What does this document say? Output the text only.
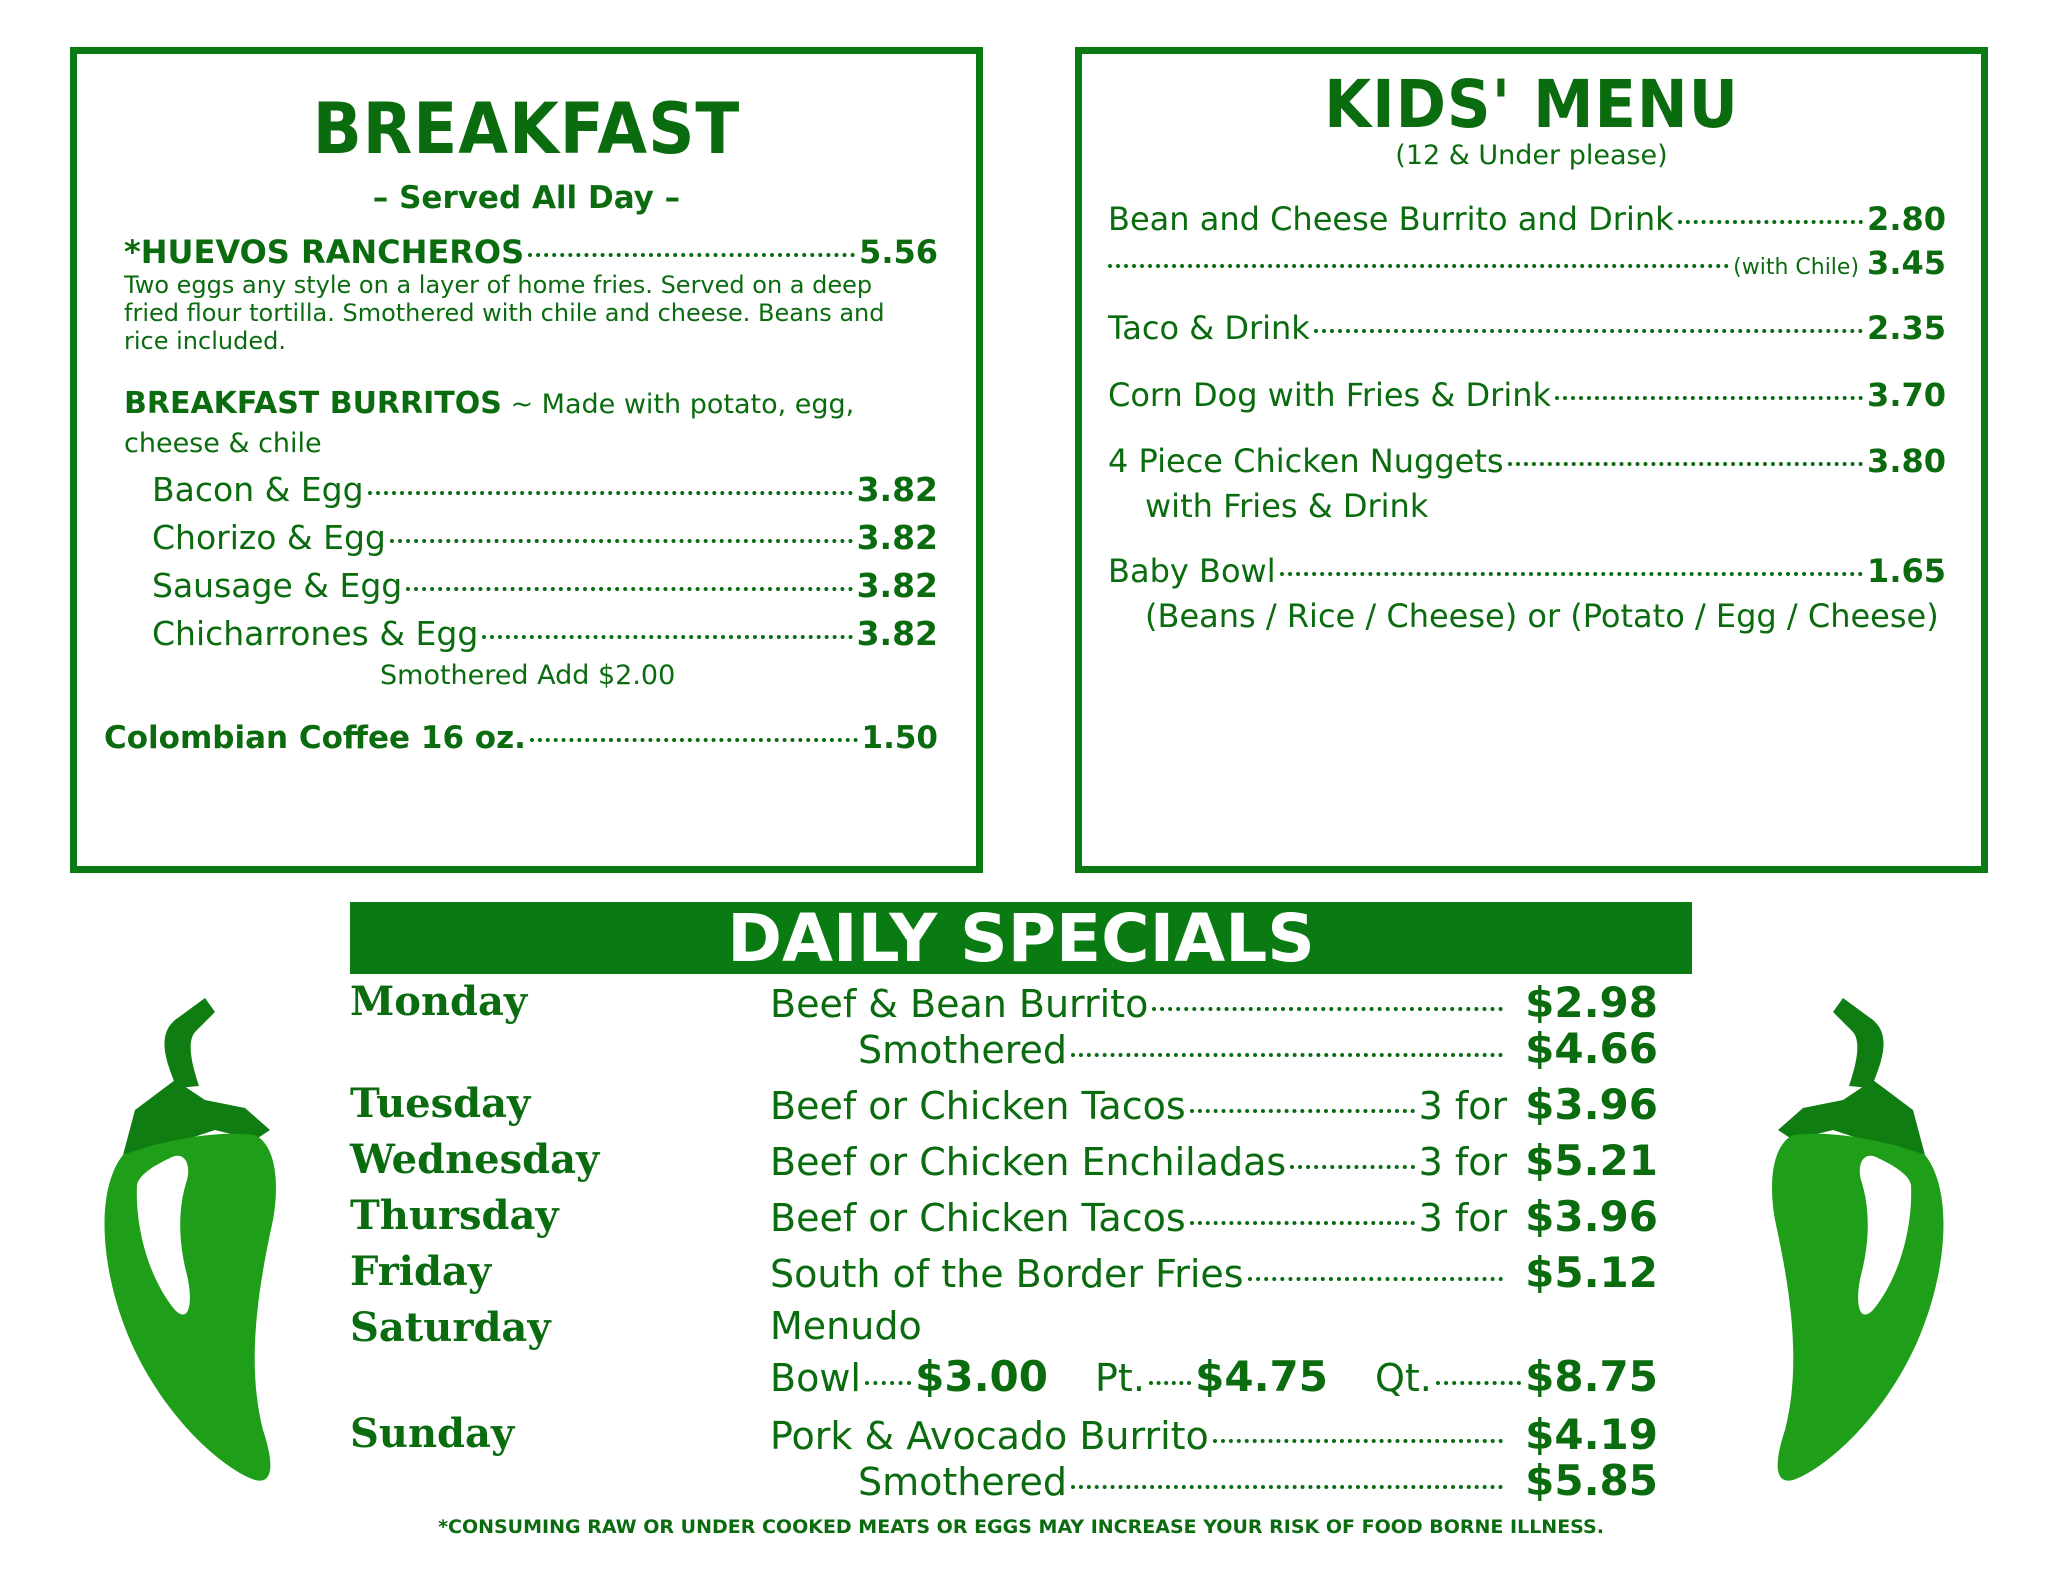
BREAKFAST
– Served All Day –
*HUEVOS RANCHEROS	5.56
Two eggs any style on a layer of home fries. Served on a deep
fried flour tortilla. Smothered with chile and cheese. Beans and
rice included.
BREAKFAST BURRITOS ~ Made with potato, egg,
cheese & chile
Bacon & Egg	3.82
Chorizo & Egg	3.82
Sausage & Egg	3.82
Chicharrones & Egg	3.82
Smothered Add $2.00
Colombian Coffee 16 oz.	1.50
KIDS' MENU
(12 & Under please)
Bean and Cheese Burrito and Drink	2.80
(with Chile) 3.45
Taco & Drink	2.35
Corn Dog with Fries & Drink	3.70
4 Piece Chicken Nuggets	3.80
with Fries & Drink
Baby Bowl	1.65
(Beans / Rice / Cheese) or (Potato / Egg / Cheese)
DAILY SPECIALS
Monday	Beef & Bean Burrito	$2.98
Smothered	$4.66
Tuesday	Beef or Chicken Tacos	3 for $3.96
Wednesday	Beef or Chicken Enchiladas	3 for $5.21
Thursday	Beef or Chicken Tacos	3 for $3.96
Friday	South of the Border Fries	$5.12
Saturday	Menudo
Bowl $3.00 Pt. $4.75 Qt. $8.75
Sunday	Pork & Avocado Burrito	$4.19
Smothered	$5.85
*CONSUMING RAW OR UNDER COOKED MEATS OR EGGS MAY INCREASE YOUR RISK OF FOOD BORNE ILLNESS.
